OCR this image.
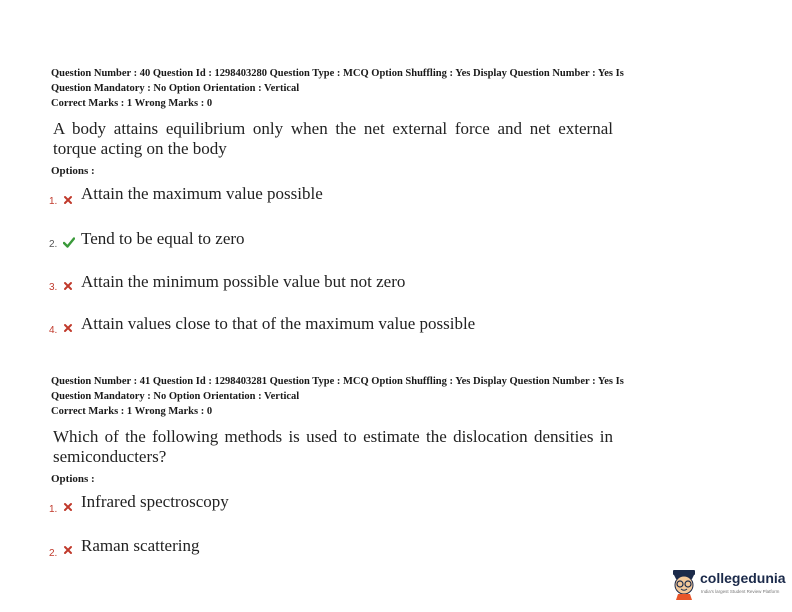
Question Number : 40 Question Id : 1298403280 Question Type : MCQ Option Shuffling : Yes Display Question Number : Yes Is
Question Mandatory : No Option Orientation : Vertical
Correct Marks : 1 Wrong Marks : 0
A body attains equilibrium only when the net external force and net external torque acting on the body
Options :
1. Attain the maximum value possible
2. Tend to be equal to zero
3. Attain the minimum possible value but not zero
4. Attain values close to that of the maximum value possible
Question Number : 41 Question Id : 1298403281 Question Type : MCQ Option Shuffling : Yes Display Question Number : Yes Is
Question Mandatory : No Option Orientation : Vertical
Correct Marks : 1 Wrong Marks : 0
Which of the following methods is used to estimate the dislocation densities in semiconducters?
Options :
1. Infrared spectroscopy
2. Raman scattering
collegedunia
India's largest Student Review Platform
